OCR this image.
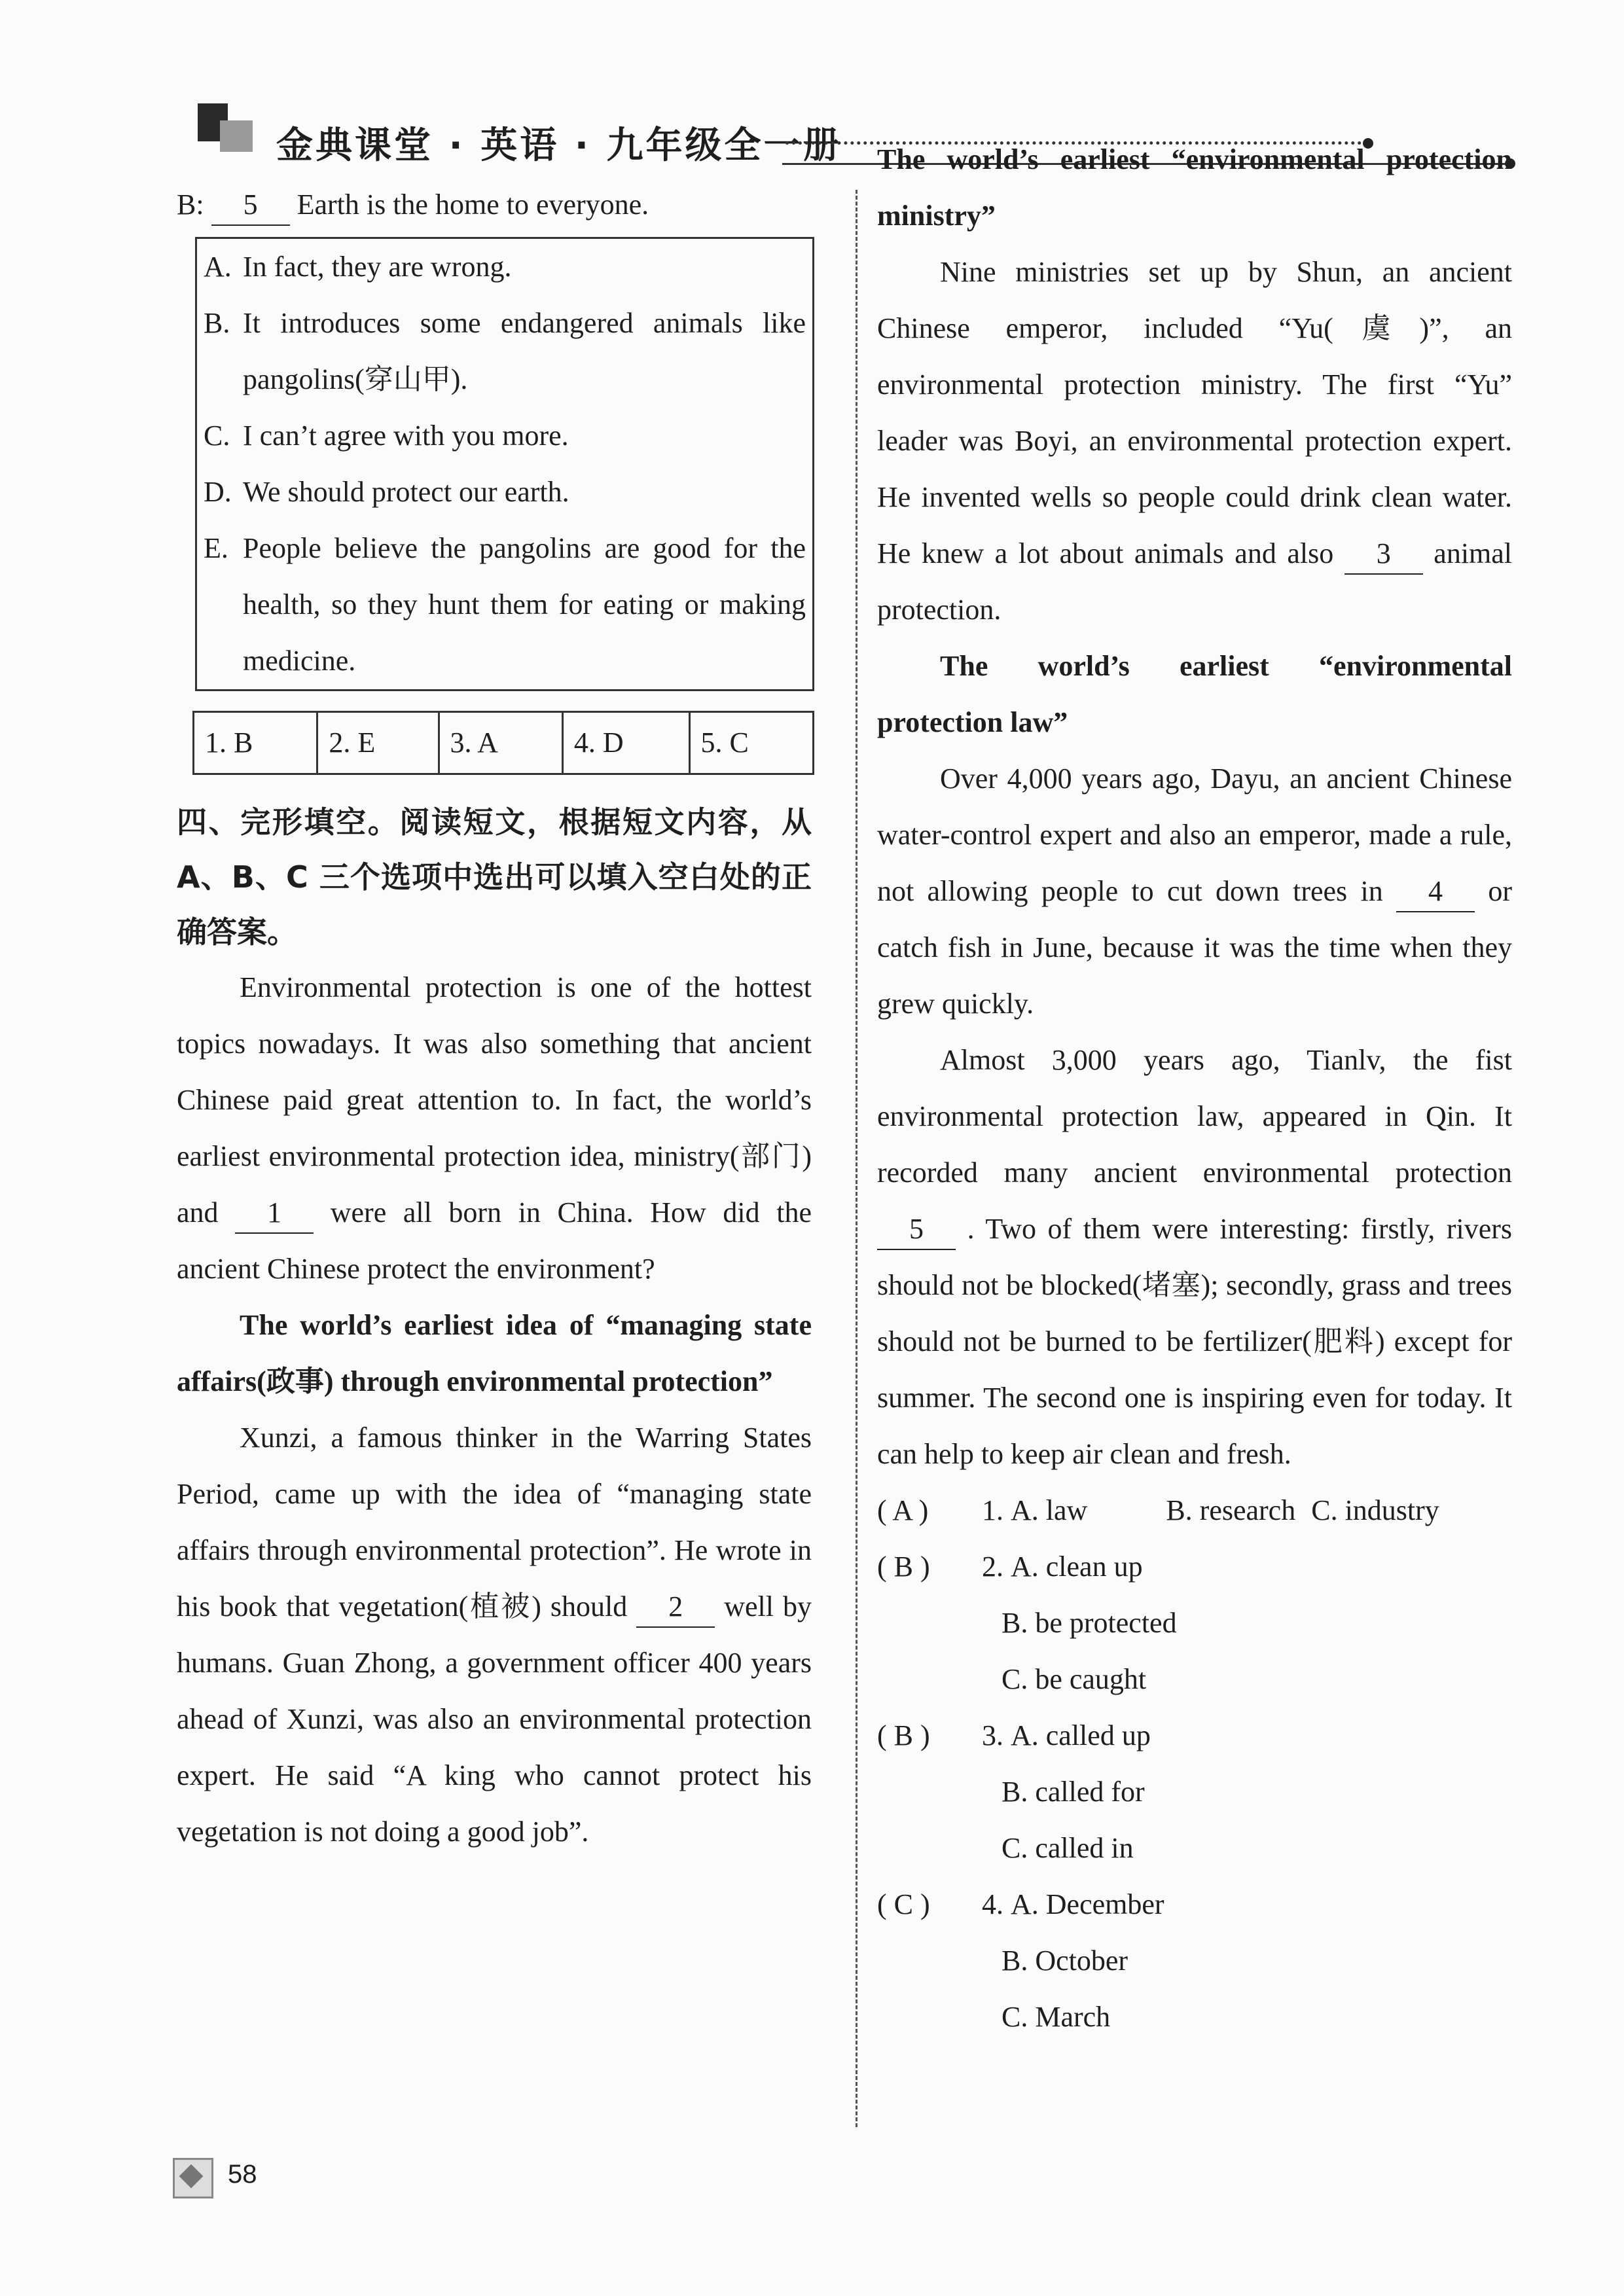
金典课堂 · 英语 · 九年级全一册

B: 5 Earth is the home to everyone.

A. In fact, they are wrong.
B. It introduces some endangered animals like pangolins(穿山甲).
C. I can’t agree with you more.
D. We should protect our earth.
E. People believe the pangolins are good for the health, so they hunt them for eating or making medicine.
1. B	2. E	3. A	4. D	5. C

四、完形填空。阅读短文，根据短文内容，从A、B、C 三个选项中选出可以填入空白处的正确答案。

Environmental protection is one of the hottest topics nowadays. It was also something that ancient Chinese paid great attention to. In fact, the world’s earliest environmental protection idea, ministry(部门) and 1 were all born in China. How did the ancient Chinese protect the environment?

The world’s earliest idea of “managing state affairs(政事) through environmental protection”

Xunzi, a famous thinker in the Warring States Period, came up with the idea of “managing state affairs through environmental protection”. He wrote in his book that vegetation(植被) should 2 well by humans. Guan Zhong, a government officer 400 years ahead of Xunzi, was also an environmental protection expert. He said “A king who cannot protect his vegetation is not doing a good job”.

The world’s earliest “environmental protection ministry”

Nine ministries set up by Shun, an ancient Chinese emperor, included “Yu(虞)”, an environmental protection ministry. The first “Yu” leader was Boyi, an environmental protection expert. He invented wells so people could drink clean water. He knew a lot about animals and also 3 animal protection.

The world’s earliest “environmental protection law”

Over 4,000 years ago, Dayu, an ancient Chinese water-control expert and also an emperor, made a rule, not allowing people to cut down trees in 4 or catch fish in June, because it was the time when they grew quickly.

Almost 3,000 years ago, Tianlv, the fist environmental protection law, appeared in Qin. It recorded many ancient environmental protection 5 . Two of them were interesting: firstly, rivers should not be blocked(堵塞); secondly, grass and trees should not be burned to be fertilizer(肥料) except for summer. The second one is inspiring even for today. It can help to keep air clean and fresh.

( A )	1.
A. law	B. research C. industry
( B )	2.
A. clean up
B. be protected
C. be caught
( B )	3.
A. called up
B. called for
C. called in
( C )	4.
A. December
B. October
C. March
58
